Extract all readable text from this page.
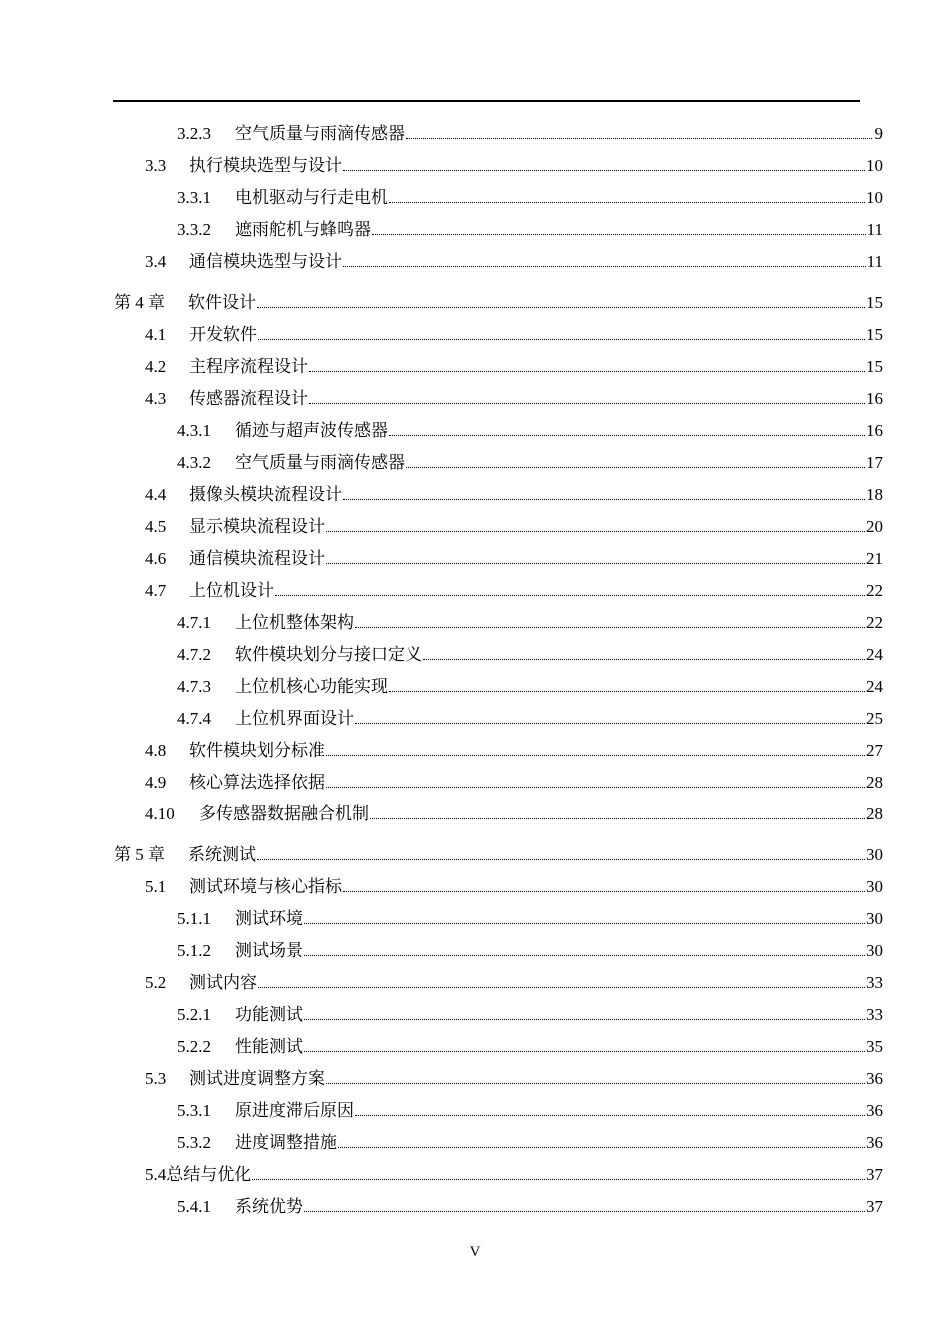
3.2.3	空气质量与雨滴传感器	9
3.3	执行模块选型与设计	10
3.3.1	电机驱动与行走电机	10
3.3.2	遮雨舵机与蜂鸣器	11
3.4	通信模块选型与设计	11
第 4 章	软件设计	15
4.1	开发软件	15
4.2	主程序流程设计	15
4.3	传感器流程设计	16
4.3.1	循迹与超声波传感器	16
4.3.2	空气质量与雨滴传感器	17
4.4	摄像头模块流程设计	18
4.5	显示模块流程设计	20
4.6	通信模块流程设计	21
4.7	上位机设计	22
4.7.1	上位机整体架构	22
4.7.2	软件模块划分与接口定义	24
4.7.3	上位机核心功能实现	24
4.7.4	上位机界面设计	25
4.8	软件模块划分标准	27
4.9	核心算法选择依据	28
4.10	多传感器数据融合机制	28
第 5 章	系统测试	30
5.1	测试环境与核心指标	30
5.1.1	测试环境	30
5.1.2	测试场景	30
5.2	测试内容	33
5.2.1	功能测试	33
5.2.2	性能测试	35
5.3	测试进度调整方案	36
5.3.1	原进度滞后原因	36
5.3.2	进度调整措施	36
5.4 总结与优化	37
5.4.1	系统优势	37
V
